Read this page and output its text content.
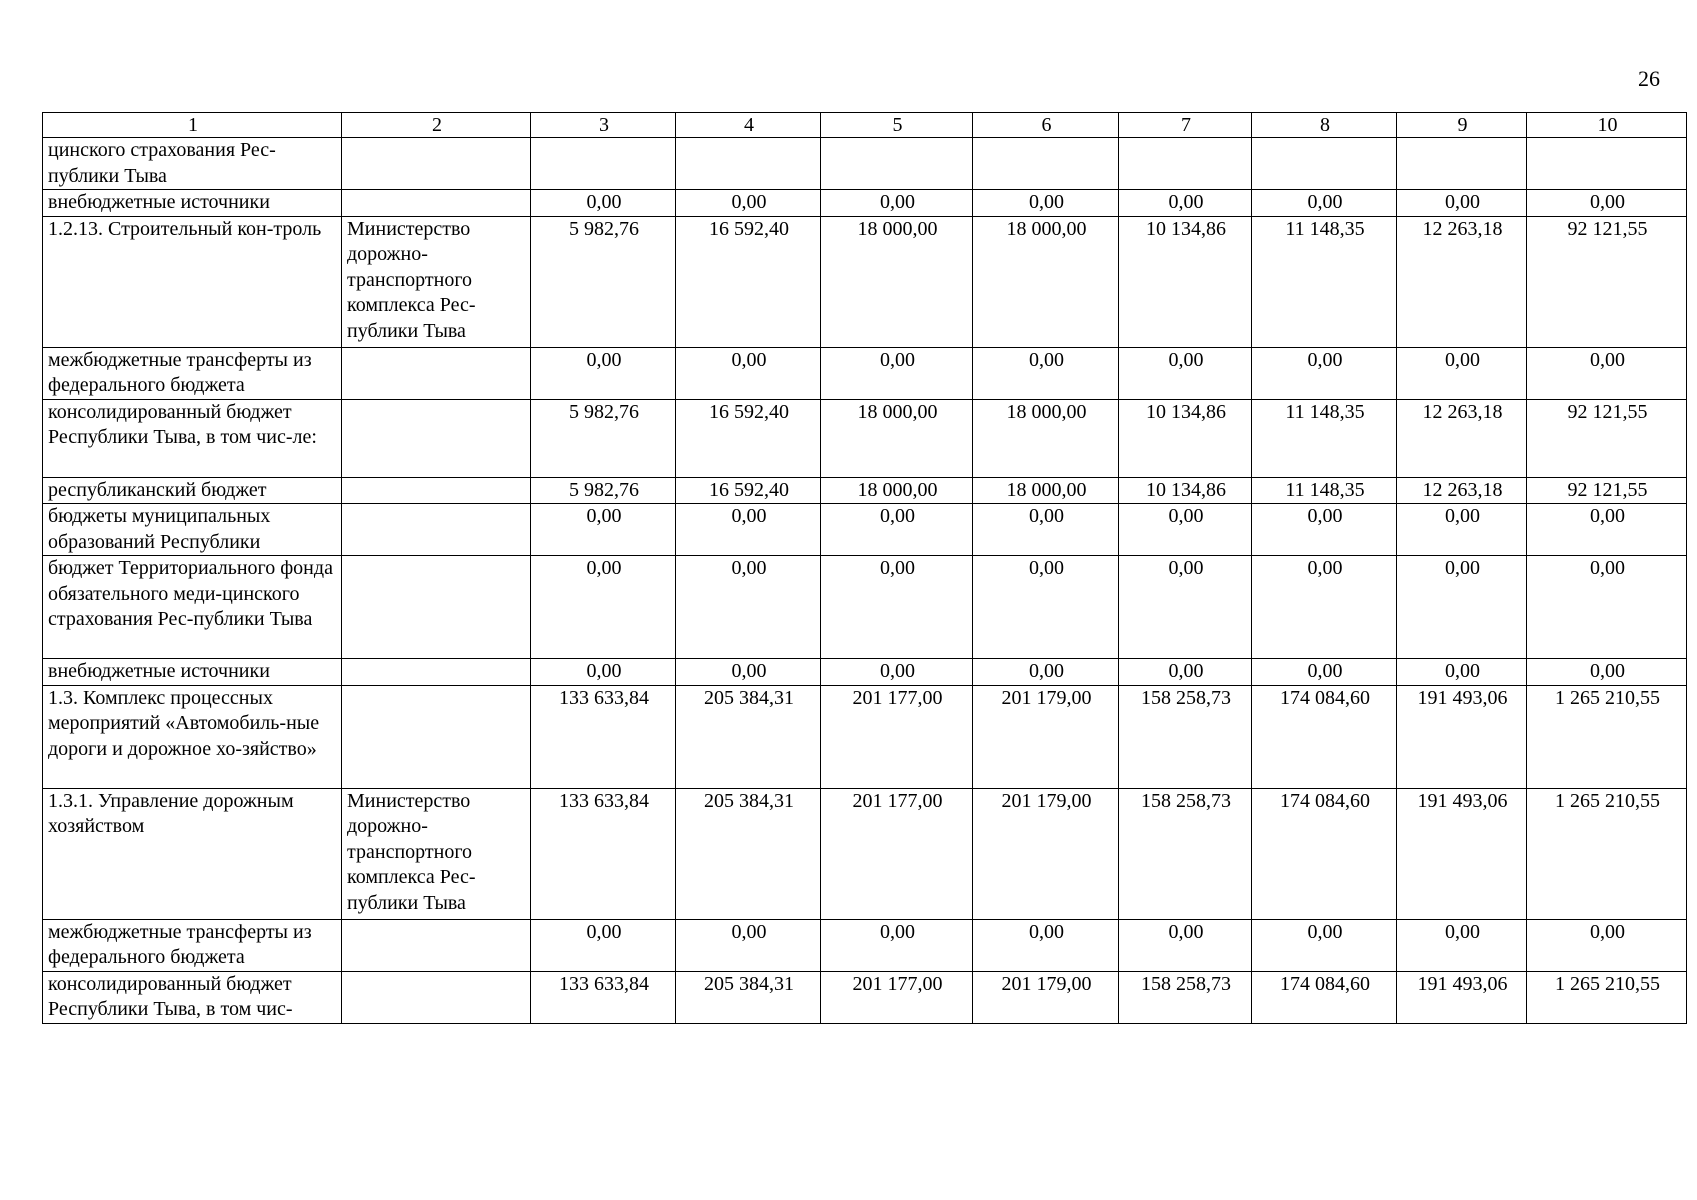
26
1	2	3	4	5	6	7	8	9	10
цинского страхования Рес-публики Тыва									
внебюджетные источники		0,00	0,00	0,00	0,00	0,00	0,00	0,00	0,00
1.2.13. Строительный кон-троль	Министерство дорожно-транспортного комплекса Рес-публики Тыва	5 982,76	16 592,40	18 000,00	18 000,00	10 134,86	11 148,35	12 263,18	92 121,55
межбюджетные трансферты из федерального бюджета		0,00	0,00	0,00	0,00	0,00	0,00	0,00	0,00
консолидированный бюджет Республики Тыва, в том чис-ле:		5 982,76	16 592,40	18 000,00	18 000,00	10 134,86	11 148,35	12 263,18	92 121,55
республиканский бюджет		5 982,76	16 592,40	18 000,00	18 000,00	10 134,86	11 148,35	12 263,18	92 121,55
бюджеты муниципальных образований Республики		0,00	0,00	0,00	0,00	0,00	0,00	0,00	0,00
бюджет Территориального фонда обязательного меди-цинского страхования Рес-публики Тыва		0,00	0,00	0,00	0,00	0,00	0,00	0,00	0,00
внебюджетные источники		0,00	0,00	0,00	0,00	0,00	0,00	0,00	0,00
1.3. Комплекс процессных мероприятий «Автомобиль-ные дороги и дорожное хо-зяйство»		133 633,84	205 384,31	201 177,00	201 179,00	158 258,73	174 084,60	191 493,06	1 265 210,55
1.3.1. Управление дорожным хозяйством	Министерство дорожно-транспортного комплекса Рес-публики Тыва	133 633,84	205 384,31	201 177,00	201 179,00	158 258,73	174 084,60	191 493,06	1 265 210,55
межбюджетные трансферты из федерального бюджета		0,00	0,00	0,00	0,00	0,00	0,00	0,00	0,00
консолидированный бюджет Республики Тыва, в том чис-		133 633,84	205 384,31	201 177,00	201 179,00	158 258,73	174 084,60	191 493,06	1 265 210,55
